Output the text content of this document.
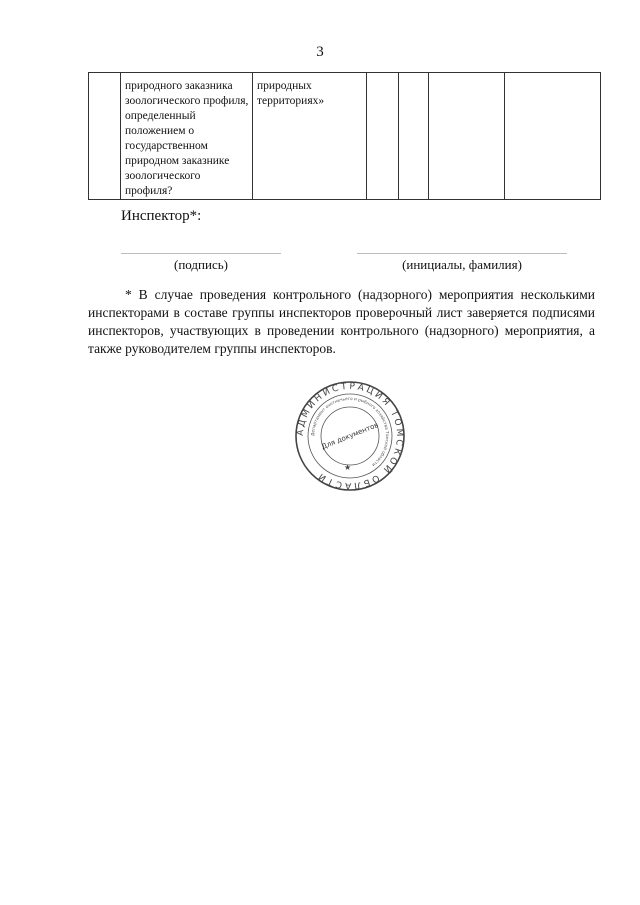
3
	природного заказника зоологического профиля, определенный положением о государственном природном заказнике зоологического профиля?	природных территориях»				
Инспектор*:
(подпись)	(инициалы, фамилия)

* В случае проведения контрольного (надзорного) мероприятия несколькими инспекторами в составе группы инспекторов проверочный лист заверяется подписями инспекторов, участвующих в проведении контрольного (надзорного) мероприятия, а также руководителем группы инспекторов.

АДМИНИСТРАЦИЯ ТОМСКОЙ ОБЛАСТИ
Департамент охотничьего и рыбного хозяйства Томской области
Для документов
★
